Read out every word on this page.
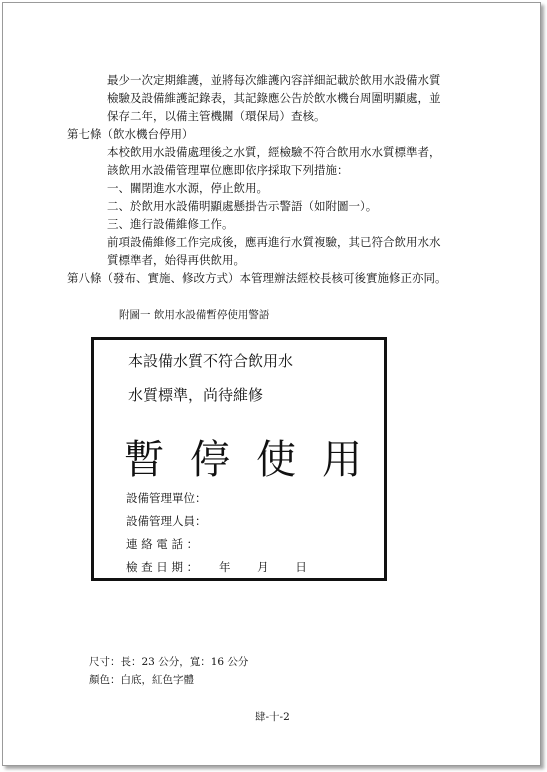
最少一次定期維護，並將每次維護內容詳細記載於飲用水設備水質
檢驗及設備維護記錄表，其記錄應公告於飲水機台周圍明顯處，並
保存二年，以備主管機關（環保局）查核。
第七條（飲水機台停用）
本校飲用水設備處理後之水質，經檢驗不符合飲用水水質標準者，
該飲用水設備管理單位應即依序採取下列措施：
一、關閉進水水源，停止飲用。
二、於飲用水設備明顯處懸掛告示警語（如附圖一）。
三、進行設備維修工作。
前項設備維修工作完成後，應再進行水質複驗，其已符合飲用水水
質標準者，始得再供飲用。
第八條（發布、實施、修改方式）本管理辦法經校長核可後實施修正亦同。
附圖一 飲用水設備暫停使用警語
本設備水質不符合飲用水
水質標準，尚待維修
暫停使用
設備管理單位：
設備管理人員：
連 絡 電 話 ：
檢 查 日 期 ：　　 年　　 月　　 日
尺寸：長：23 公分，寬：16 公分
顏色：白底，紅色字體
肆-十-2
